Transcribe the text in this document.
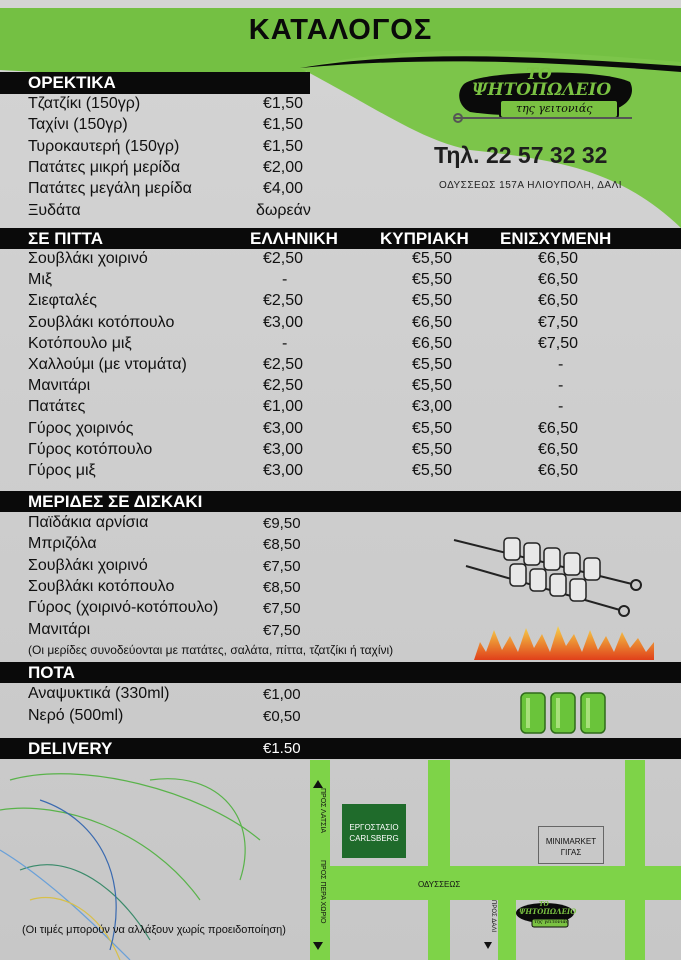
ΚΑΤΑΛΟΓΟΣ
ΤΟ
ΨΗΤΟΠΩΛΕΙΟ
της γειτονιάς
Τηλ. 22 57 32 32
ΟΔΥΣΣΕΩΣ 157Α ΗΛΙΟΥΠΟΛΗ, ΔΑΛΙ
ΟΡΕΚΤΙΚΑ
Τζατζίκι (150γρ)	€1,50
Ταχίνι (150γρ)	€1,50
Τυροκαυτερή (150γρ)	€1,50
Πατάτες μικρή μερίδα	€2,00
Πατάτες μεγάλη μερίδα	€4,00
Ξυδάτα	δωρεάν
ΣΕ ΠΙΤΤΑ	ΕΛΛΗΝΙΚΗ ΚΥΠΡΙΑΚΗ ΕΝΙΣΧΥΜΕΝΗ
Σουβλάκι χοιρινό	€2,50	€5,50	€6,50
Μιξ	-	€5,50	€6,50
Σιεφταλές	€2,50	€5,50	€6,50
Σουβλάκι κοτόπουλο	€3,00	€6,50	€7,50
Κοτόπουλο μιξ	-	€6,50	€7,50
Χαλλούμι (με ντομάτα)	€2,50	€5,50	-
Μανιτάρι	€2,50	€5,50	-
Πατάτες	€1,00	€3,00	-
Γύρος χοιρινός	€3,00	€5,50	€6,50
Γύρος κοτόπουλο	€3,00	€5,50	€6,50
Γύρος μιξ	€3,00	€5,50	€6,50
ΜΕΡΙΔΕΣ ΣΕ ΔΙΣΚΑΚΙ
Παϊδάκια αρνίσια	€9,50
Μπριζόλα	€8,50
Σουβλάκι χοιρινό	€7,50
Σουβλάκι κοτόπουλο	€8,50
Γύρος (χοιρινό-κοτόπουλο)	€7,50
Μανιτάρι	€7,50
(Οι μερίδες συνοδεύονται με πατάτες, σαλάτα, πίττα, τζατζίκι ή ταχίνι)
ΠΟΤΑ
Αναψυκτικά (330ml)	€1,00
Νερό (500ml)	€0,50
DELIVERY	€1.50
ΠΡΟΣ ΛΑΤΣΙΑ
ΠΡΟΣ ΠΕΡΑ ΧΩΡΙΟ
ΕΡΓΟΣΤΑΣΙΟ
CARLSBERG	MINIMARKET
ΓΙΓΑΣ
ΟΔΥΣΣΕΩΣ
ΠΡΟΣ ΔΑΛΙ
ΤΟ
ΨΗΤΟΠΩΛΕΙΟ
της γειτονιάς
(Οι τιμές μπορούν να αλλάξουν χωρίς προειδοποίηση)
